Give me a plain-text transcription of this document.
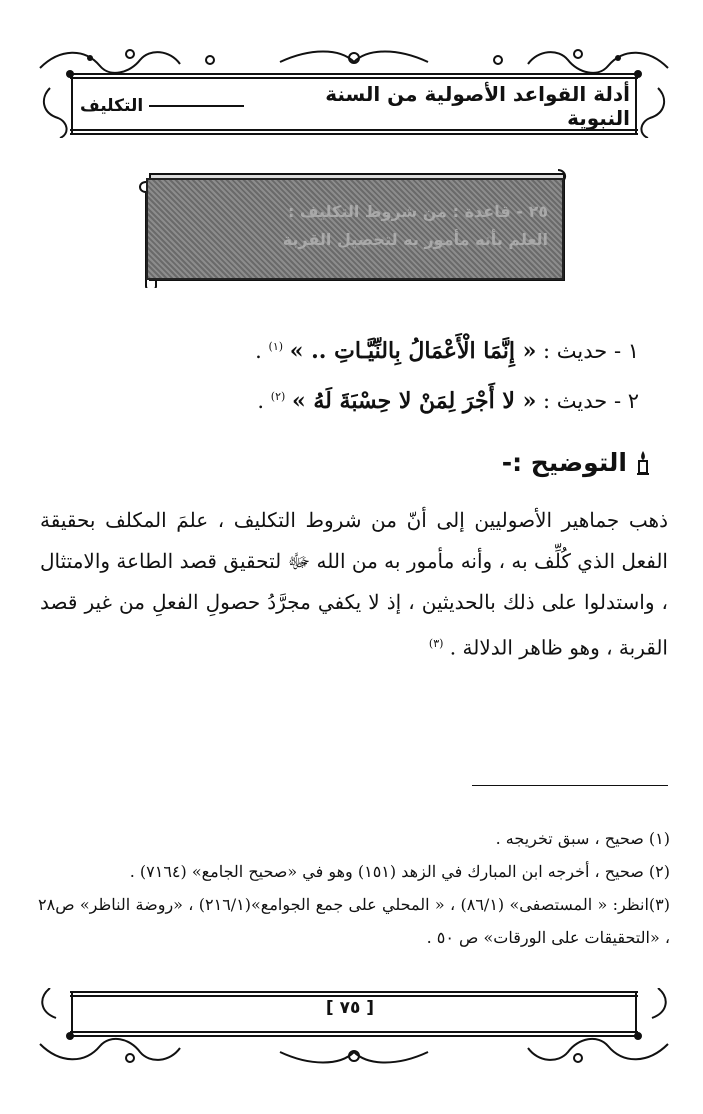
أدلة القواعد الأصولية من السنة النبوية
التكليف
٢٥ - قاعدة : من شروط التكليف :
العلم بأنه مأمور به لتحصيل القربة
١ - حديث : « إِنَّمَا الْأَعْمَالُ بِالنِّيَّـاتِ .. » $^{(١)}$ .
٢ - حديث : « لا أَجْرَ لِمَنْ لا حِسْبَةَ لَهُ » $^{(٢)}$ .
التوضيح :-
ذهب جماهير الأصوليين إلى أنّ من شروط التكليف ، علمَ المكلف بحقيقة الفعل الذي كُلِّف به ، وأنه مأمور به من الله ﷻ لتحقيق قصد الطاعة والامتثال ، واستدلوا على ذلك بالحديثين ، إذ لا يكفي مجرَّدُ حصولِ الفعلِ من غير قصد القربة ، وهو ظاهر الدلالة . $^{(٣)}$

(١) صحيح ، سبق تخريجه .

(٢) صحيح ، أخرجه ابن المبارك في الزهد (١٥١) وهو في «صحيح الجامع» (٧١٦٤) .

(٣)انظر: « المستصفى» (٨٦/١) ، « المحلي على جمع الجوامع»(٢١٦/١) ، «روضة الناظر» ص٢٨ ، «التحقيقات على الورقات» ص ٥٠ .

[ ٧٥ ]
